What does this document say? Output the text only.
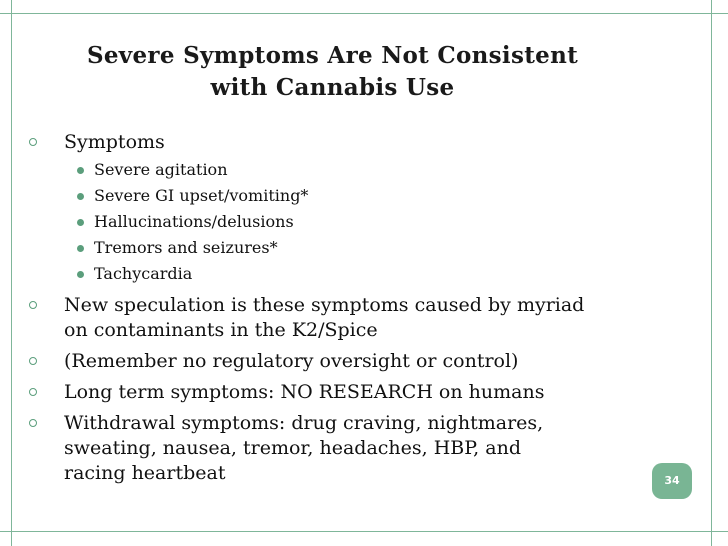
Severe Symptoms Are Not Consistent
with Cannabis Use
Symptoms
Severe agitation
Severe GI upset/vomiting*
Hallucinations/delusions
Tremors and seizures*
Tachycardia
New speculation is these symptoms caused by myriad
on contaminants in the K2/Spice
(Remember no regulatory oversight or control)
Long term symptoms: NO RESEARCH on humans
Withdrawal symptoms: drug craving, nightmares,
sweating, nausea, tremor, headaches, HBP, and
racing heartbeat	34
